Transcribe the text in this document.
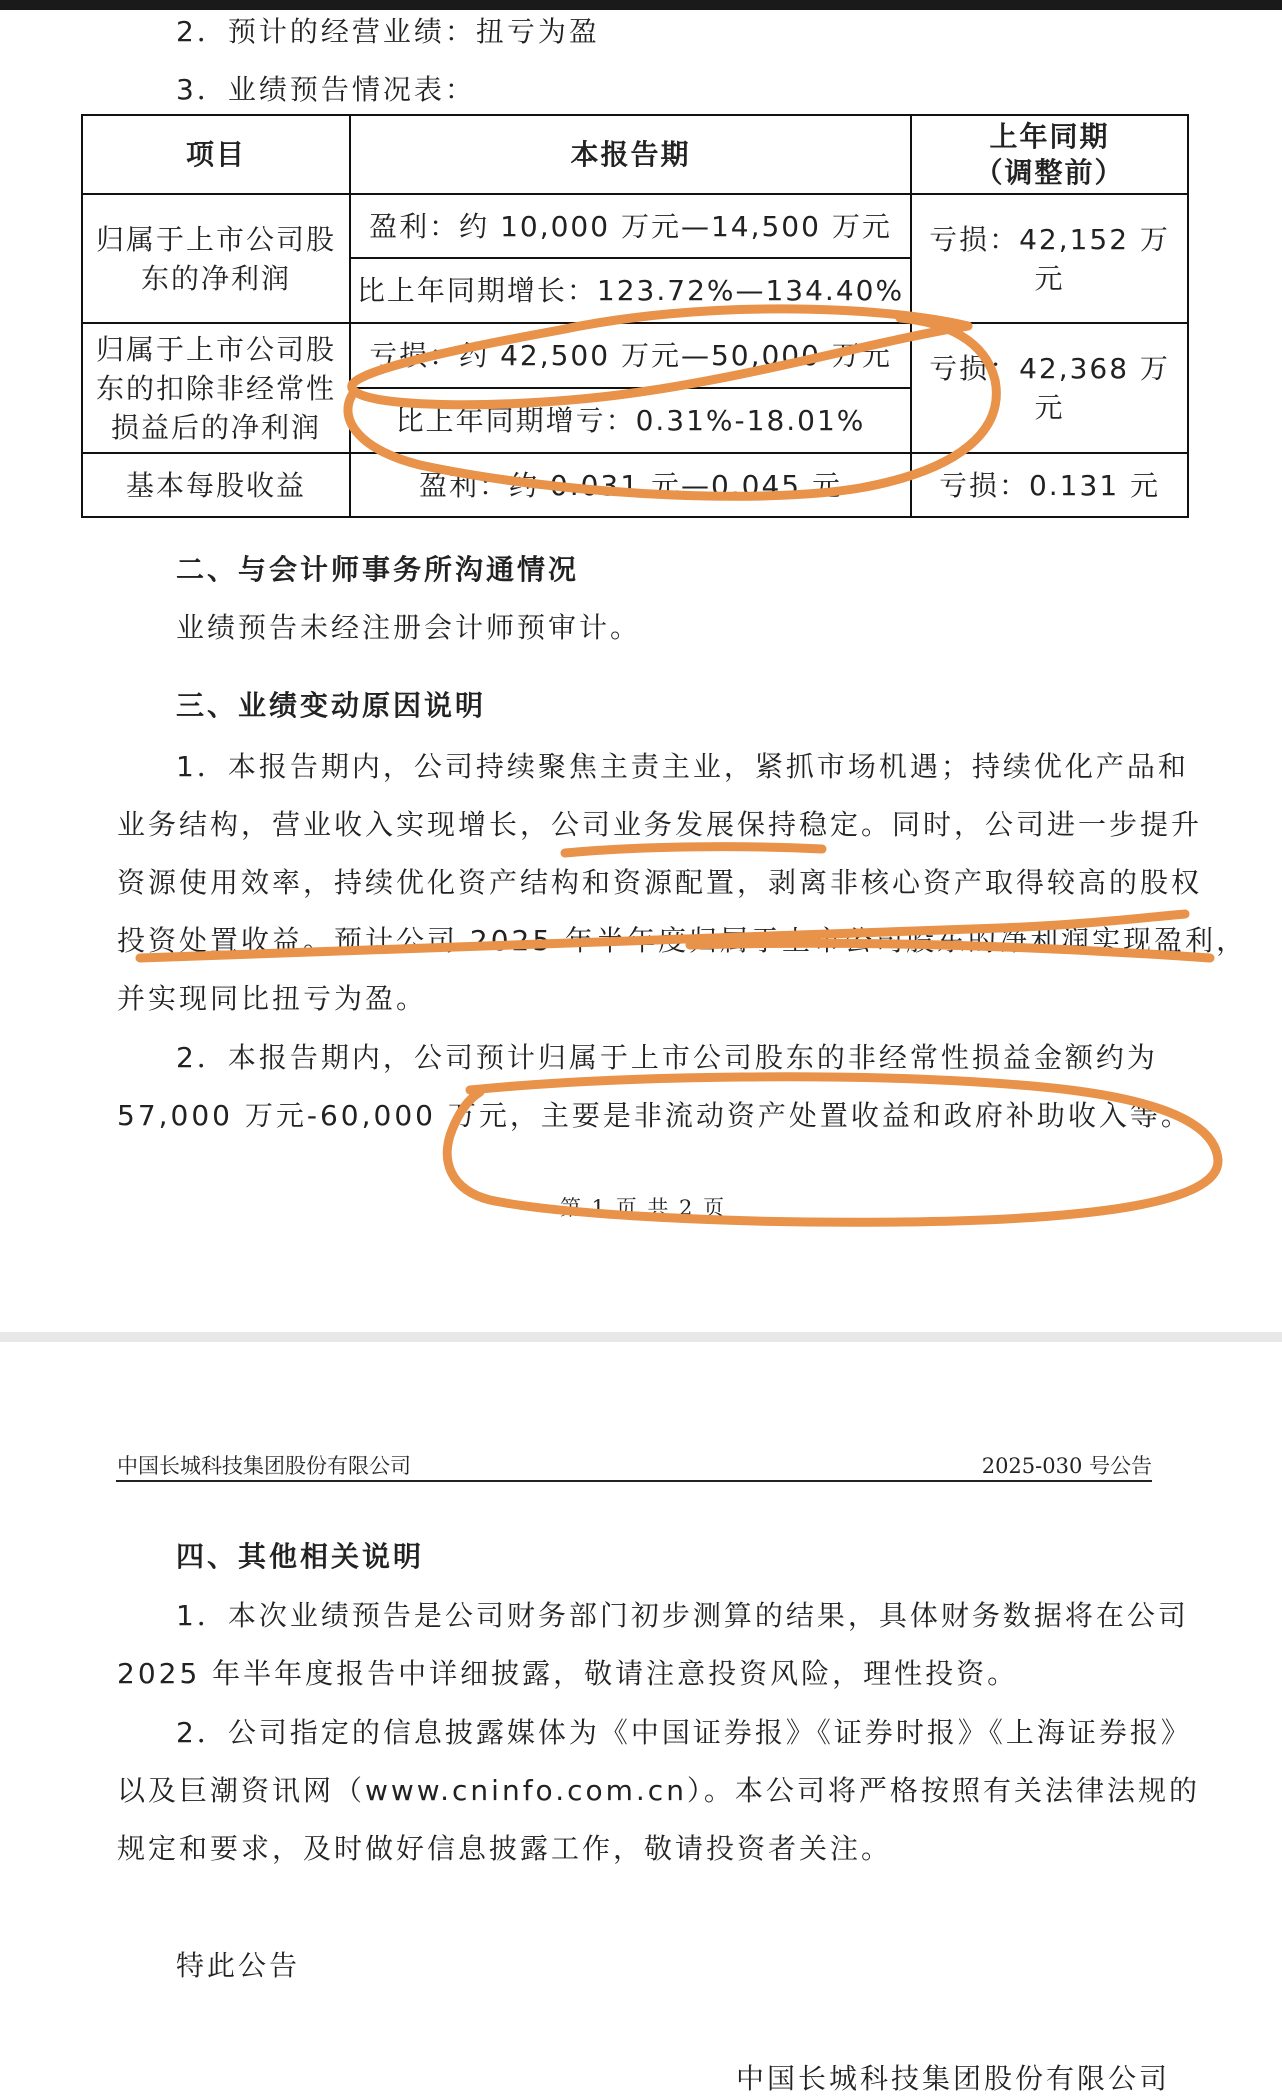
2．预计的经营业绩：扭亏为盈
3．业绩预告情况表：
项目	本报告期	上年同期
（调整前）
归属于上市公司股
东的净利润	盈利：约 10,000 万元—14,500 万元	亏损：42,152 万元
	比上年同期增长：123.72%—134.40%	
归属于上市公司股
东的扣除非经常性
损益后的净利润	亏损：约 42,500 万元—50,000 万元	亏损：42,368 万元
	比上年同期增亏：0.31%-18.01%	
基本每股收益	盈利：约 0.031 元—0.045 元	亏损：0.131 元
二、与会计师事务所沟通情况
业绩预告未经注册会计师预审计。
三、业绩变动原因说明
1．本报告期内，公司持续聚焦主责主业，紧抓市场机遇；持续优化产品和
业务结构，营业收入实现增长，公司业务发展保持稳定。同时，公司进一步提升
资源使用效率，持续优化资产结构和资源配置，剥离非核心资产取得较高的股权
投资处置收益。预计公司 2025 年半年度归属于上市公司股东的净利润实现盈利，
并实现同比扭亏为盈。
2．本报告期内，公司预计归属于上市公司股东的非经常性损益金额约为
57,000 万元-60,000 万元，主要是非流动资产处置收益和政府补助收入等。
第 1 页 共 2 页
中国长城科技集团股份有限公司	2025-030 号公告
四、其他相关说明
1．本次业绩预告是公司财务部门初步测算的结果，具体财务数据将在公司
2025 年半年度报告中详细披露，敬请注意投资风险，理性投资。
2．公司指定的信息披露媒体为《中国证券报》《证券时报》《上海证券报》
以及巨潮资讯网（www.cninfo.com.cn）。本公司将严格按照有关法律法规的
规定和要求，及时做好信息披露工作，敬请投资者关注。
特此公告
中国长城科技集团股份有限公司
